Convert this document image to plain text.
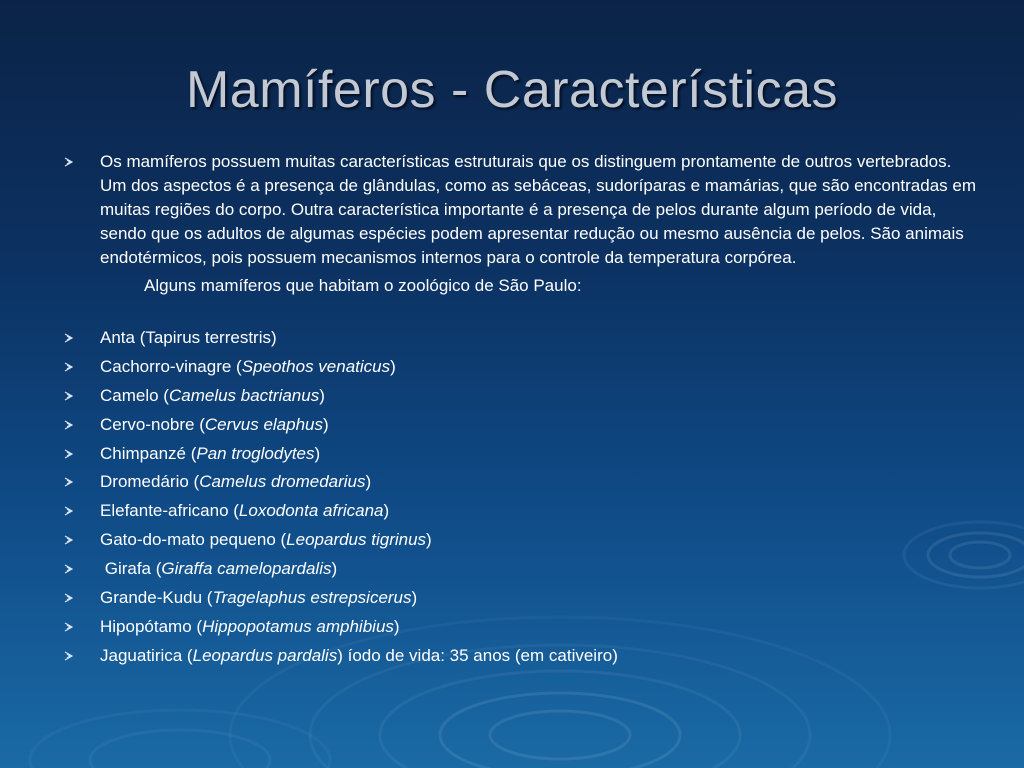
Mamíferos - Características
Os mamíferos possuem muitas características estruturais que os distinguem prontamente de outros vertebrados. Um dos aspectos é a presença de glândulas, como as sebáceas, sudoríparas e mamárias, que são encontradas em muitas regiões do corpo. Outra característica importante é a presença de pelos durante algum período de vida, sendo que os adultos de algumas espécies podem apresentar redução ou mesmo ausência de pelos. São animais endotérmicos, pois possuem mecanismos internos para o controle da temperatura corpórea.
Alguns mamíferos que habitam o zoológico de São Paulo:
Anta (Tapirus terrestris)
Cachorro-vinagre (Speothos venaticus)
Camelo (Camelus bactrianus)
Cervo-nobre (Cervus elaphus)
Chimpanzé (Pan troglodytes)
Dromedário (Camelus dromedarius)
Elefante-africano (Loxodonta africana)
Gato-do-mato pequeno (Leopardus tigrinus)
Girafa (Giraffa camelopardalis)
Grande-Kudu (Tragelaphus estrepsicerus)
Hipopótamo (Hippopotamus amphibius)
Jaguatirica (Leopardus pardalis) íodo de vida: 35 anos (em cativeiro)
